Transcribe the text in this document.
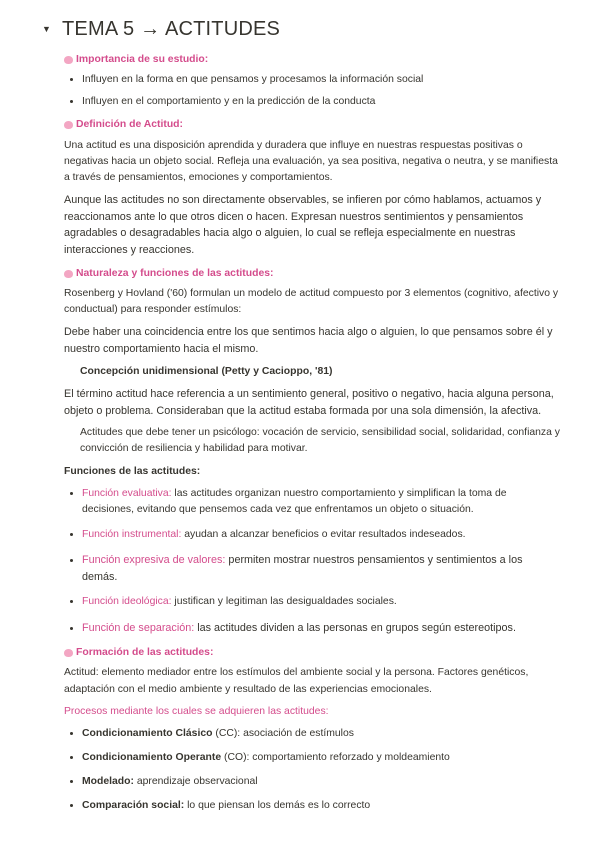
▼ TEMA 5 → ACTITUDES
Importancia de su estudio:
• Influyen en la forma en que pensamos y procesamos la información social
• Influyen en el comportamiento y en la predicción de la conducta
Definición de Actitud:

Una actitud es una disposición aprendida y duradera que influye en nuestras respuestas positivas o negativas hacia un objeto social. Refleja una evaluación, ya sea positiva, negativa o neutra, y se manifiesta a través de pensamientos, emociones y comportamientos.

Aunque las actitudes no son directamente observables, se infieren por cómo hablamos, actuamos y reaccionamos ante lo que otros dicen o hacen. Expresan nuestros sentimientos y pensamientos agradables o desagradables hacia algo o alguien, lo cual se refleja especialmente en nuestras interacciones y reacciones.

Naturaleza y funciones de las actitudes:

Rosenberg y Hovland ('60) formulan un modelo de actitud compuesto por 3 elementos (cognitivo, afectivo y conductual) para responder estímulos:

Debe haber una coincidencia entre los que sentimos hacia algo o alguien, lo que pensamos sobre él y nuestro comportamiento hacia el mismo.

Concepción unidimensional (Petty y Cacioppo, '81)

El término actitud hace referencia a un sentimiento general, positivo o negativo, hacia alguna persona, objeto o problema. Consideraban que la actitud estaba formada por una sola dimensión, la afectiva.

Actitudes que debe tener un psicólogo: vocación de servicio, sensibilidad social, solidaridad, confianza y convicción de resiliencia y habilidad para motivar.

Funciones de las actitudes:

• Función evaluativa: las actitudes organizan nuestro comportamiento y simplifican la toma de decisiones, evitando que pensemos cada vez que enfrentamos un objeto o situación.
• Función instrumental: ayudan a alcanzar beneficios o evitar resultados indeseados.
• Función expresiva de valores: permiten mostrar nuestros pensamientos y sentimientos a los demás.
• Función ideológica: justifican y legitiman las desigualdades sociales.
• Función de separación: las actitudes dividen a las personas en grupos según estereotipos.
Formación de las actitudes:

Actitud: elemento mediador entre los estímulos del ambiente social y la persona. Factores genéticos, adaptación con el medio ambiente y resultado de las experiencias emocionales.

Procesos mediante los cuales se adquieren las actitudes:

• Condicionamiento Clásico (CC): asociación de estímulos
• Condicionamiento Operante (CO): comportamiento reforzado y moldeamiento
• Modelado: aprendizaje observacional
• Comparación social: lo que piensan los demás es lo correcto
